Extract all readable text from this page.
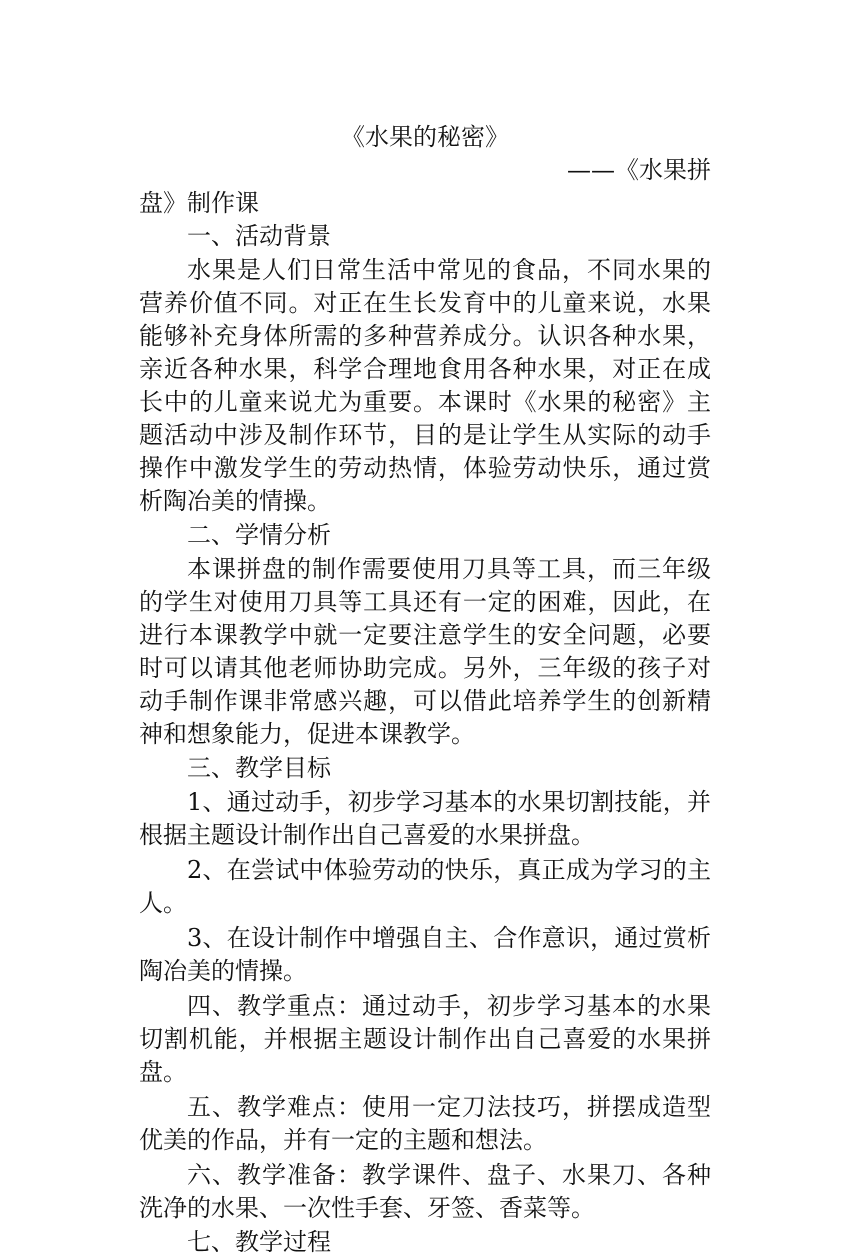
《水果的秘密》
——《水果拼
盘》制作课
一、活动背景
水果是人们日常生活中常见的食品，不同水果的营养价值不同。对正在生长发育中的儿童来说，水果能够补充身体所需的多种营养成分。认识各种水果，亲近各种水果，科学合理地食用各种水果，对正在成长中的儿童来说尤为重要。本课时《水果的秘密》主题活动中涉及制作环节，目的是让学生从实际的动手操作中激发学生的劳动热情，体验劳动快乐，通过赏析陶冶美的情操。
二、学情分析
本课拼盘的制作需要使用刀具等工具，而三年级的学生对使用刀具等工具还有一定的困难，因此，在进行本课教学中就一定要注意学生的安全问题，必要时可以请其他老师协助完成。另外，三年级的孩子对动手制作课非常感兴趣，可以借此培养学生的创新精神和想象能力，促进本课教学。
三、教学目标
1、通过动手，初步学习基本的水果切割技能，并根据主题设计制作出自己喜爱的水果拼盘。
2、在尝试中体验劳动的快乐，真正成为学习的主人。
3、在设计制作中增强自主、合作意识，通过赏析陶冶美的情操。
四、教学重点：通过动手，初步学习基本的水果切割机能，并根据主题设计制作出自己喜爱的水果拼盘。
五、教学难点：使用一定刀法技巧，拼摆成造型优美的作品，并有一定的主题和想法。
六、教学准备：教学课件、盘子、水果刀、各种洗净的水果、一次性手套、牙签、香菜等。
七、教学过程
